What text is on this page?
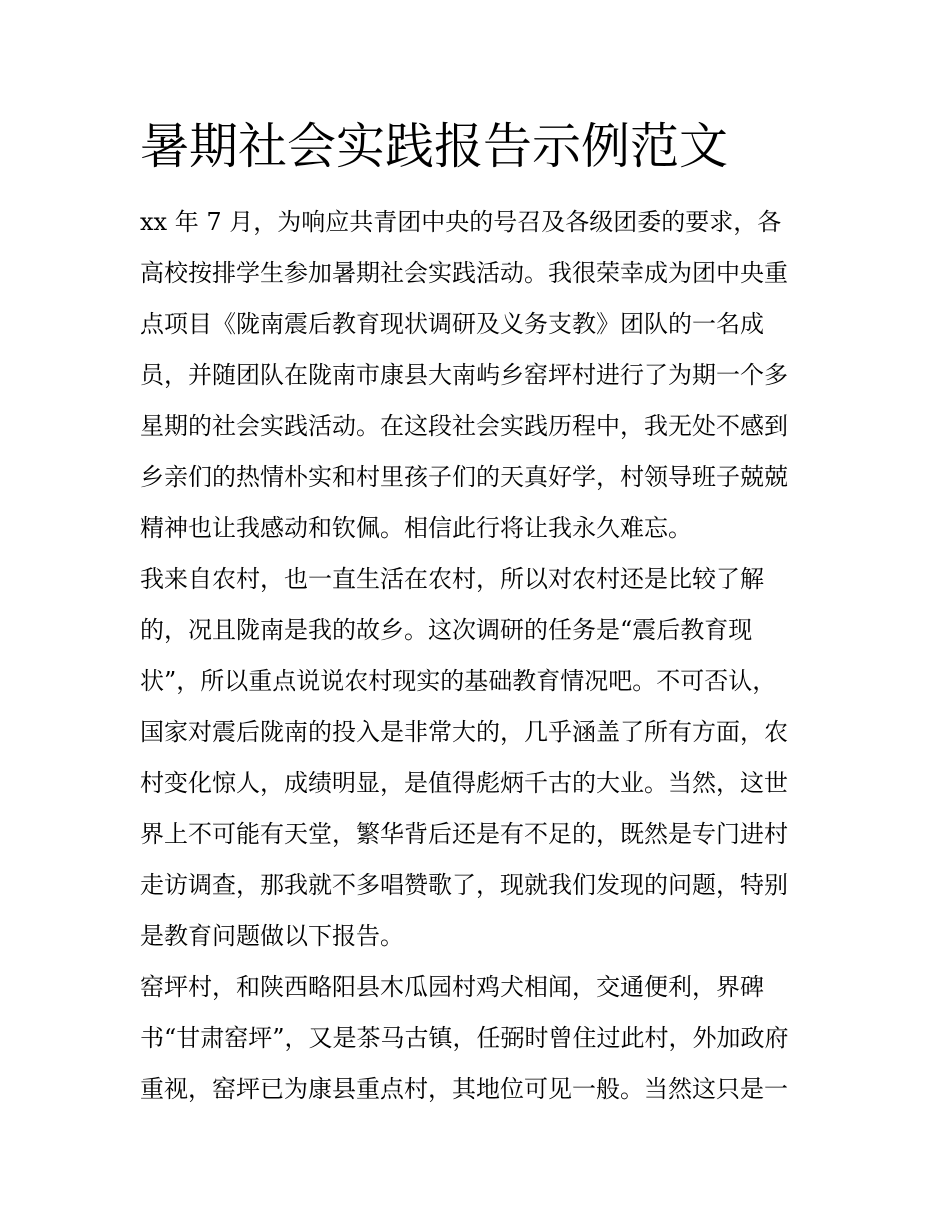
暑期社会实践报告示例范文
xx 年 7 月，为响应共青团中央的号召及各级团委的要求，各
高校按排学生参加暑期社会实践活动。我很荣幸成为团中央重
点项目《陇南震后教育现状调研及义务支教》团队的一名成
员，并随团队在陇南市康县大南屿乡窑坪村进行了为期一个多
星期的社会实践活动。在这段社会实践历程中，我无处不感到
乡亲们的热情朴实和村里孩子们的天真好学，村领导班子兢兢
精神也让我感动和钦佩。相信此行将让我永久难忘。
我来自农村，也一直生活在农村，所以对农村还是比较了解
的，况且陇南是我的故乡。这次调研的任务是“震后教育现
状”，所以重点说说农村现实的基础教育情况吧。不可否认，
国家对震后陇南的投入是非常大的，几乎涵盖了所有方面，农
村变化惊人，成绩明显，是值得彪炳千古的大业。当然，这世
界上不可能有天堂，繁华背后还是有不足的，既然是专门进村
走访调查，那我就不多唱赞歌了，现就我们发现的问题，特别
是教育问题做以下报告。
窑坪村，和陕西略阳县木瓜园村鸡犬相闻，交通便利，界碑
书“甘肃窑坪”，又是茶马古镇，任弼时曾住过此村，外加政府
重视，窑坪已为康县重点村，其地位可见一般。当然这只是一
